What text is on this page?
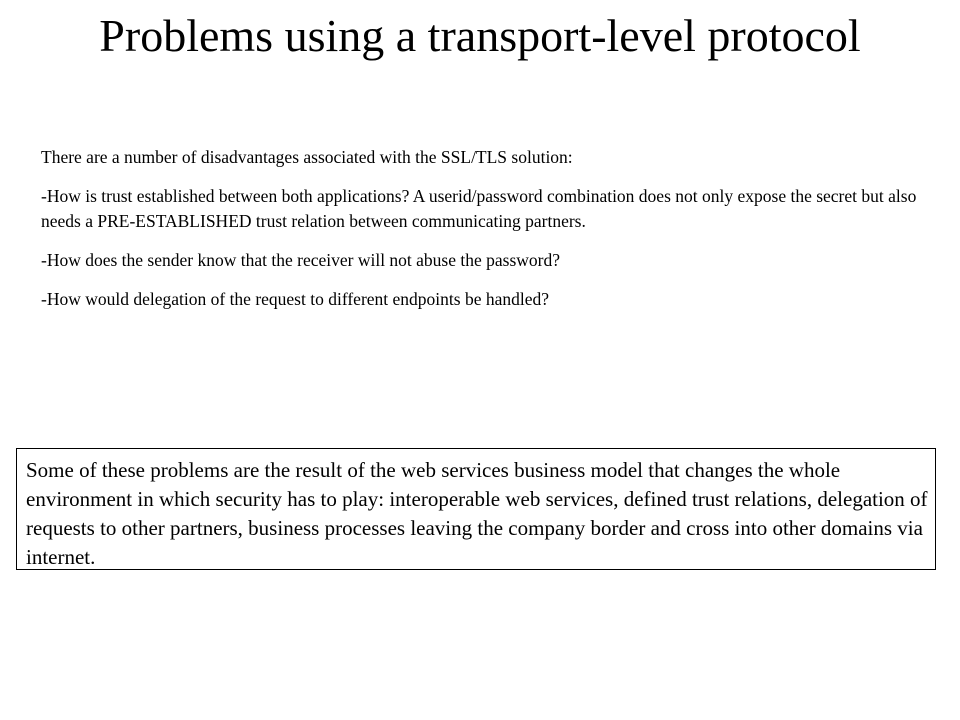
Problems using a transport-level protocol

There are a number of disadvantages associated with the SSL/TLS solution:

-How is trust established between both applications? A userid/password combination does not only expose the secret but also needs a PRE-ESTABLISHED trust relation between communicating partners.

-How does the sender know that the receiver will not abuse the password?

-How would delegation of the request to different endpoints be handled?

Some of these problems are the result of the web services business model that changes the whole environment in which security has to play: interoperable web services, defined trust relations, delegation of requests to other partners, business processes leaving the company border and cross into other domains via internet.
